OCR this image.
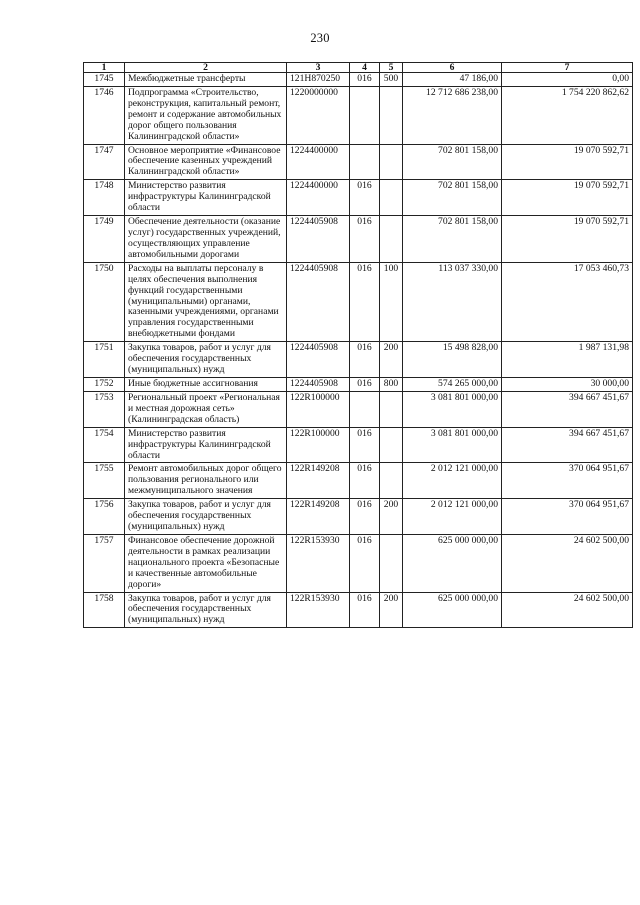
230
1	2	3	4	5	6	7
1745	Межбюджетные трансферты	121Н870250	016	500	47 186,00	0,00
1746	Подпрограмма «Строительство, реконструкция, капитальный ремонт, ремонт и содержание автомобильных дорог общего пользования Калининградской области»	1220000000			12 712 686 238,00	1 754 220 862,62
1747	Основное мероприятие «Финансовое обеспечение казенных учреждений Калининградской области»	1224400000			702 801 158,00	19 070 592,71
1748	Министерство развития инфраструктуры Калининградской области	1224400000	016		702 801 158,00	19 070 592,71
1749	Обеспечение деятельности (оказание услуг) государственных учреждений, осуществляющих управление автомобильными дорогами	1224405908	016		702 801 158,00	19 070 592,71
1750	Расходы на выплаты персоналу в целях обеспечения выполнения функций государственными (муниципальными) органами, казенными учреждениями, органами управления государственными внебюджетными фондами	1224405908	016	100	113 037 330,00	17 053 460,73
1751	Закупка товаров, работ и услуг для обеспечения государственных (муниципальных) нужд	1224405908	016	200	15 498 828,00	1 987 131,98
1752	Иные бюджетные ассигнования	1224405908	016	800	574 265 000,00	30 000,00
1753	Региональный проект «Региональная и местная дорожная сеть» (Калининградская область)	122R100000			3 081 801 000,00	394 667 451,67
1754	Министерство развития инфраструктуры Калининградской области	122R100000	016		3 081 801 000,00	394 667 451,67
1755	Ремонт автомобильных дорог общего пользования регионального или межмуниципального значения	122R149208	016		2 012 121 000,00	370 064 951,67
1756	Закупка товаров, работ и услуг для обеспечения государственных (муниципальных) нужд	122R149208	016	200	2 012 121 000,00	370 064 951,67
1757	Финансовое обеспечение дорожной деятельности в рамках реализации национального проекта «Безопасные и качественные автомобильные дороги»	122R153930	016		625 000 000,00	24 602 500,00
1758	Закупка товаров, работ и услуг для обеспечения государственных (муниципальных) нужд	122R153930	016	200	625 000 000,00	24 602 500,00
